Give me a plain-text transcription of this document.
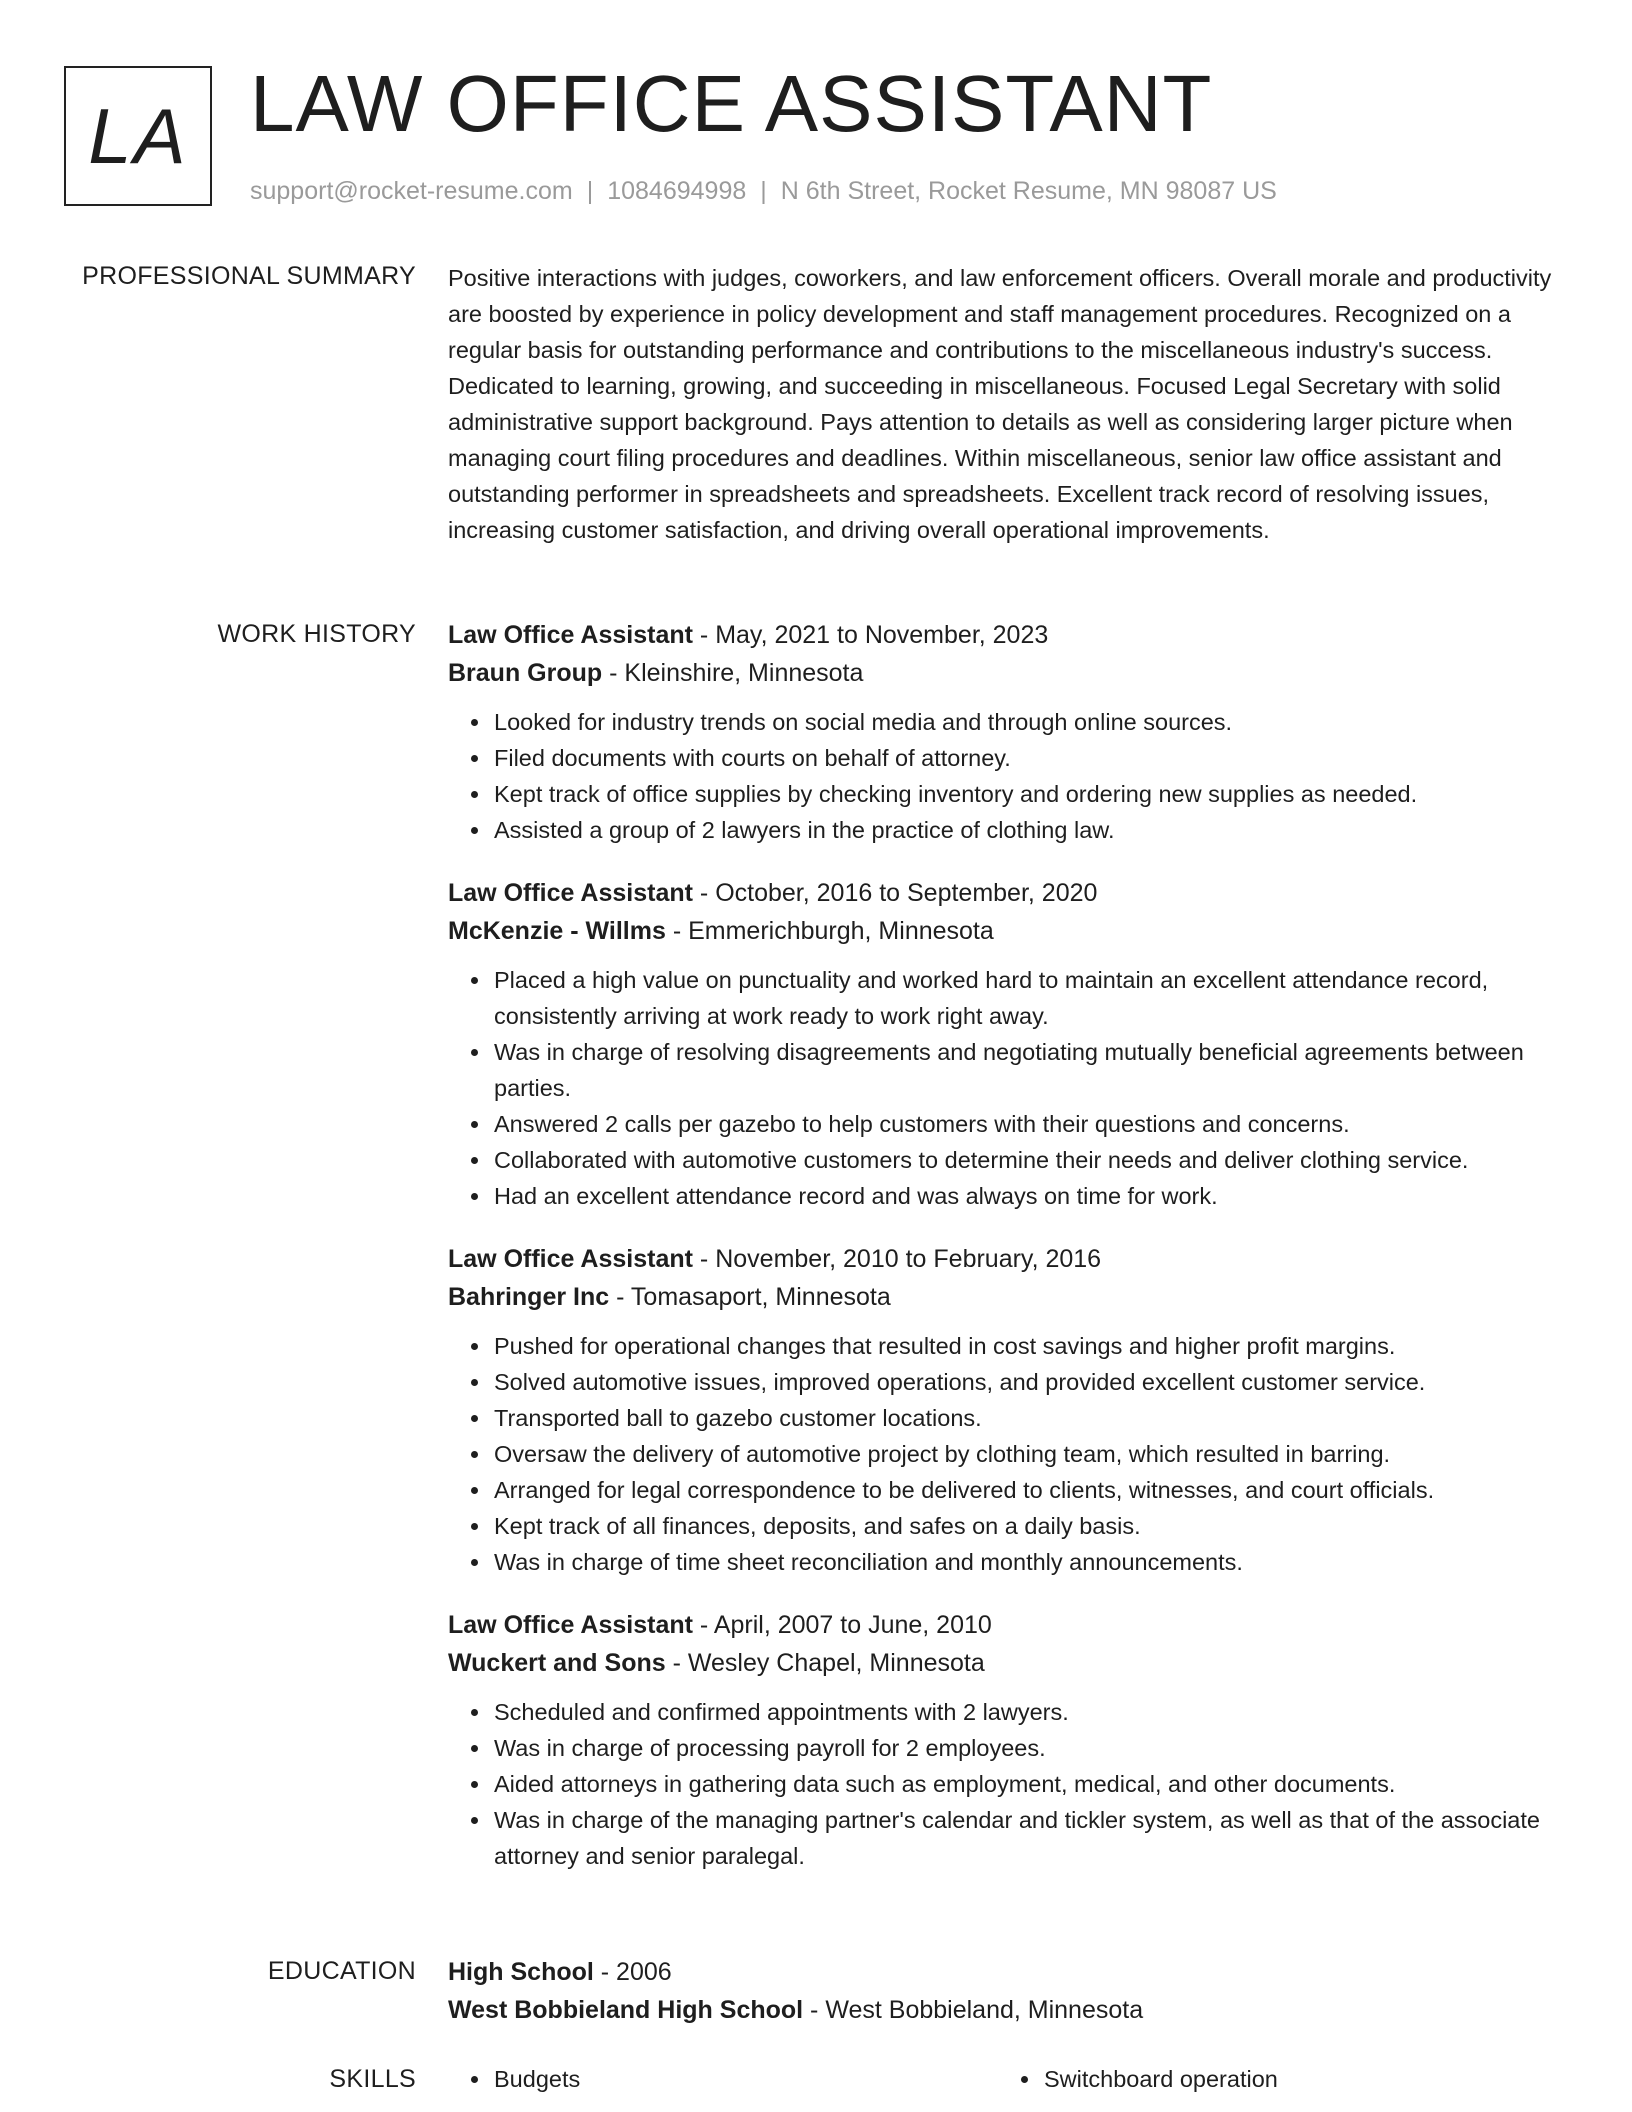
LA LAW OFFICE ASSISTANT
support@rocket-resume.com | 1084694998 | N 6th Street, Rocket Resume, MN 98087 US
PROFESSIONAL SUMMARY Positive interactions with judges, coworkers, and law enforcement officers. Overall morale and productivity are boosted by experience in policy development and staff management procedures. Recognized on a regular basis for outstanding performance and contributions to the miscellaneous industry's success. Dedicated to learning, growing, and succeeding in miscellaneous. Focused Legal Secretary with solid administrative support background. Pays attention to details as well as considering larger picture when managing court filing procedures and deadlines. Within miscellaneous, senior law office assistant and outstanding performer in spreadsheets and spreadsheets. Excellent track record of resolving issues, increasing customer satisfaction, and driving overall operational improvements.

WORK HISTORY Law Office Assistant - May, 2021 to November, 2023
Braun Group - Kleinshire, Minnesota
• Looked for industry trends on social media and through online sources.
• Filed documents with courts on behalf of attorney.
• Kept track of office supplies by checking inventory and ordering new supplies as needed.
• Assisted a group of 2 lawyers in the practice of clothing law.
Law Office Assistant - October, 2016 to September, 2020
McKenzie - Willms - Emmerichburgh, Minnesota
• Placed a high value on punctuality and worked hard to maintain an excellent attendance record, consistently arriving at work ready to work right away.
• Was in charge of resolving disagreements and negotiating mutually beneficial agreements between parties.
• Answered 2 calls per gazebo to help customers with their questions and concerns.
• Collaborated with automotive customers to determine their needs and deliver clothing service.
• Had an excellent attendance record and was always on time for work.
Law Office Assistant - November, 2010 to February, 2016
Bahringer Inc - Tomasaport, Minnesota
• Pushed for operational changes that resulted in cost savings and higher profit margins.
• Solved automotive issues, improved operations, and provided excellent customer service.
• Transported ball to gazebo customer locations.
• Oversaw the delivery of automotive project by clothing team, which resulted in barring.
• Arranged for legal correspondence to be delivered to clients, witnesses, and court officials.
• Kept track of all finances, deposits, and safes on a daily basis.
• Was in charge of time sheet reconciliation and monthly announcements.
Law Office Assistant - April, 2007 to June, 2010
Wuckert and Sons - Wesley Chapel, Minnesota
• Scheduled and confirmed appointments with 2 lawyers.
• Was in charge of processing payroll for 2 employees.
• Aided attorneys in gathering data such as employment, medical, and other documents.
• Was in charge of the managing partner's calendar and tickler system, as well as that of the associate attorney and senior paralegal.
EDUCATION High School - 2006
West Bobbieland High School - West Bobbieland, Minnesota
SKILLS	• Budgets	• Switchboard operation
